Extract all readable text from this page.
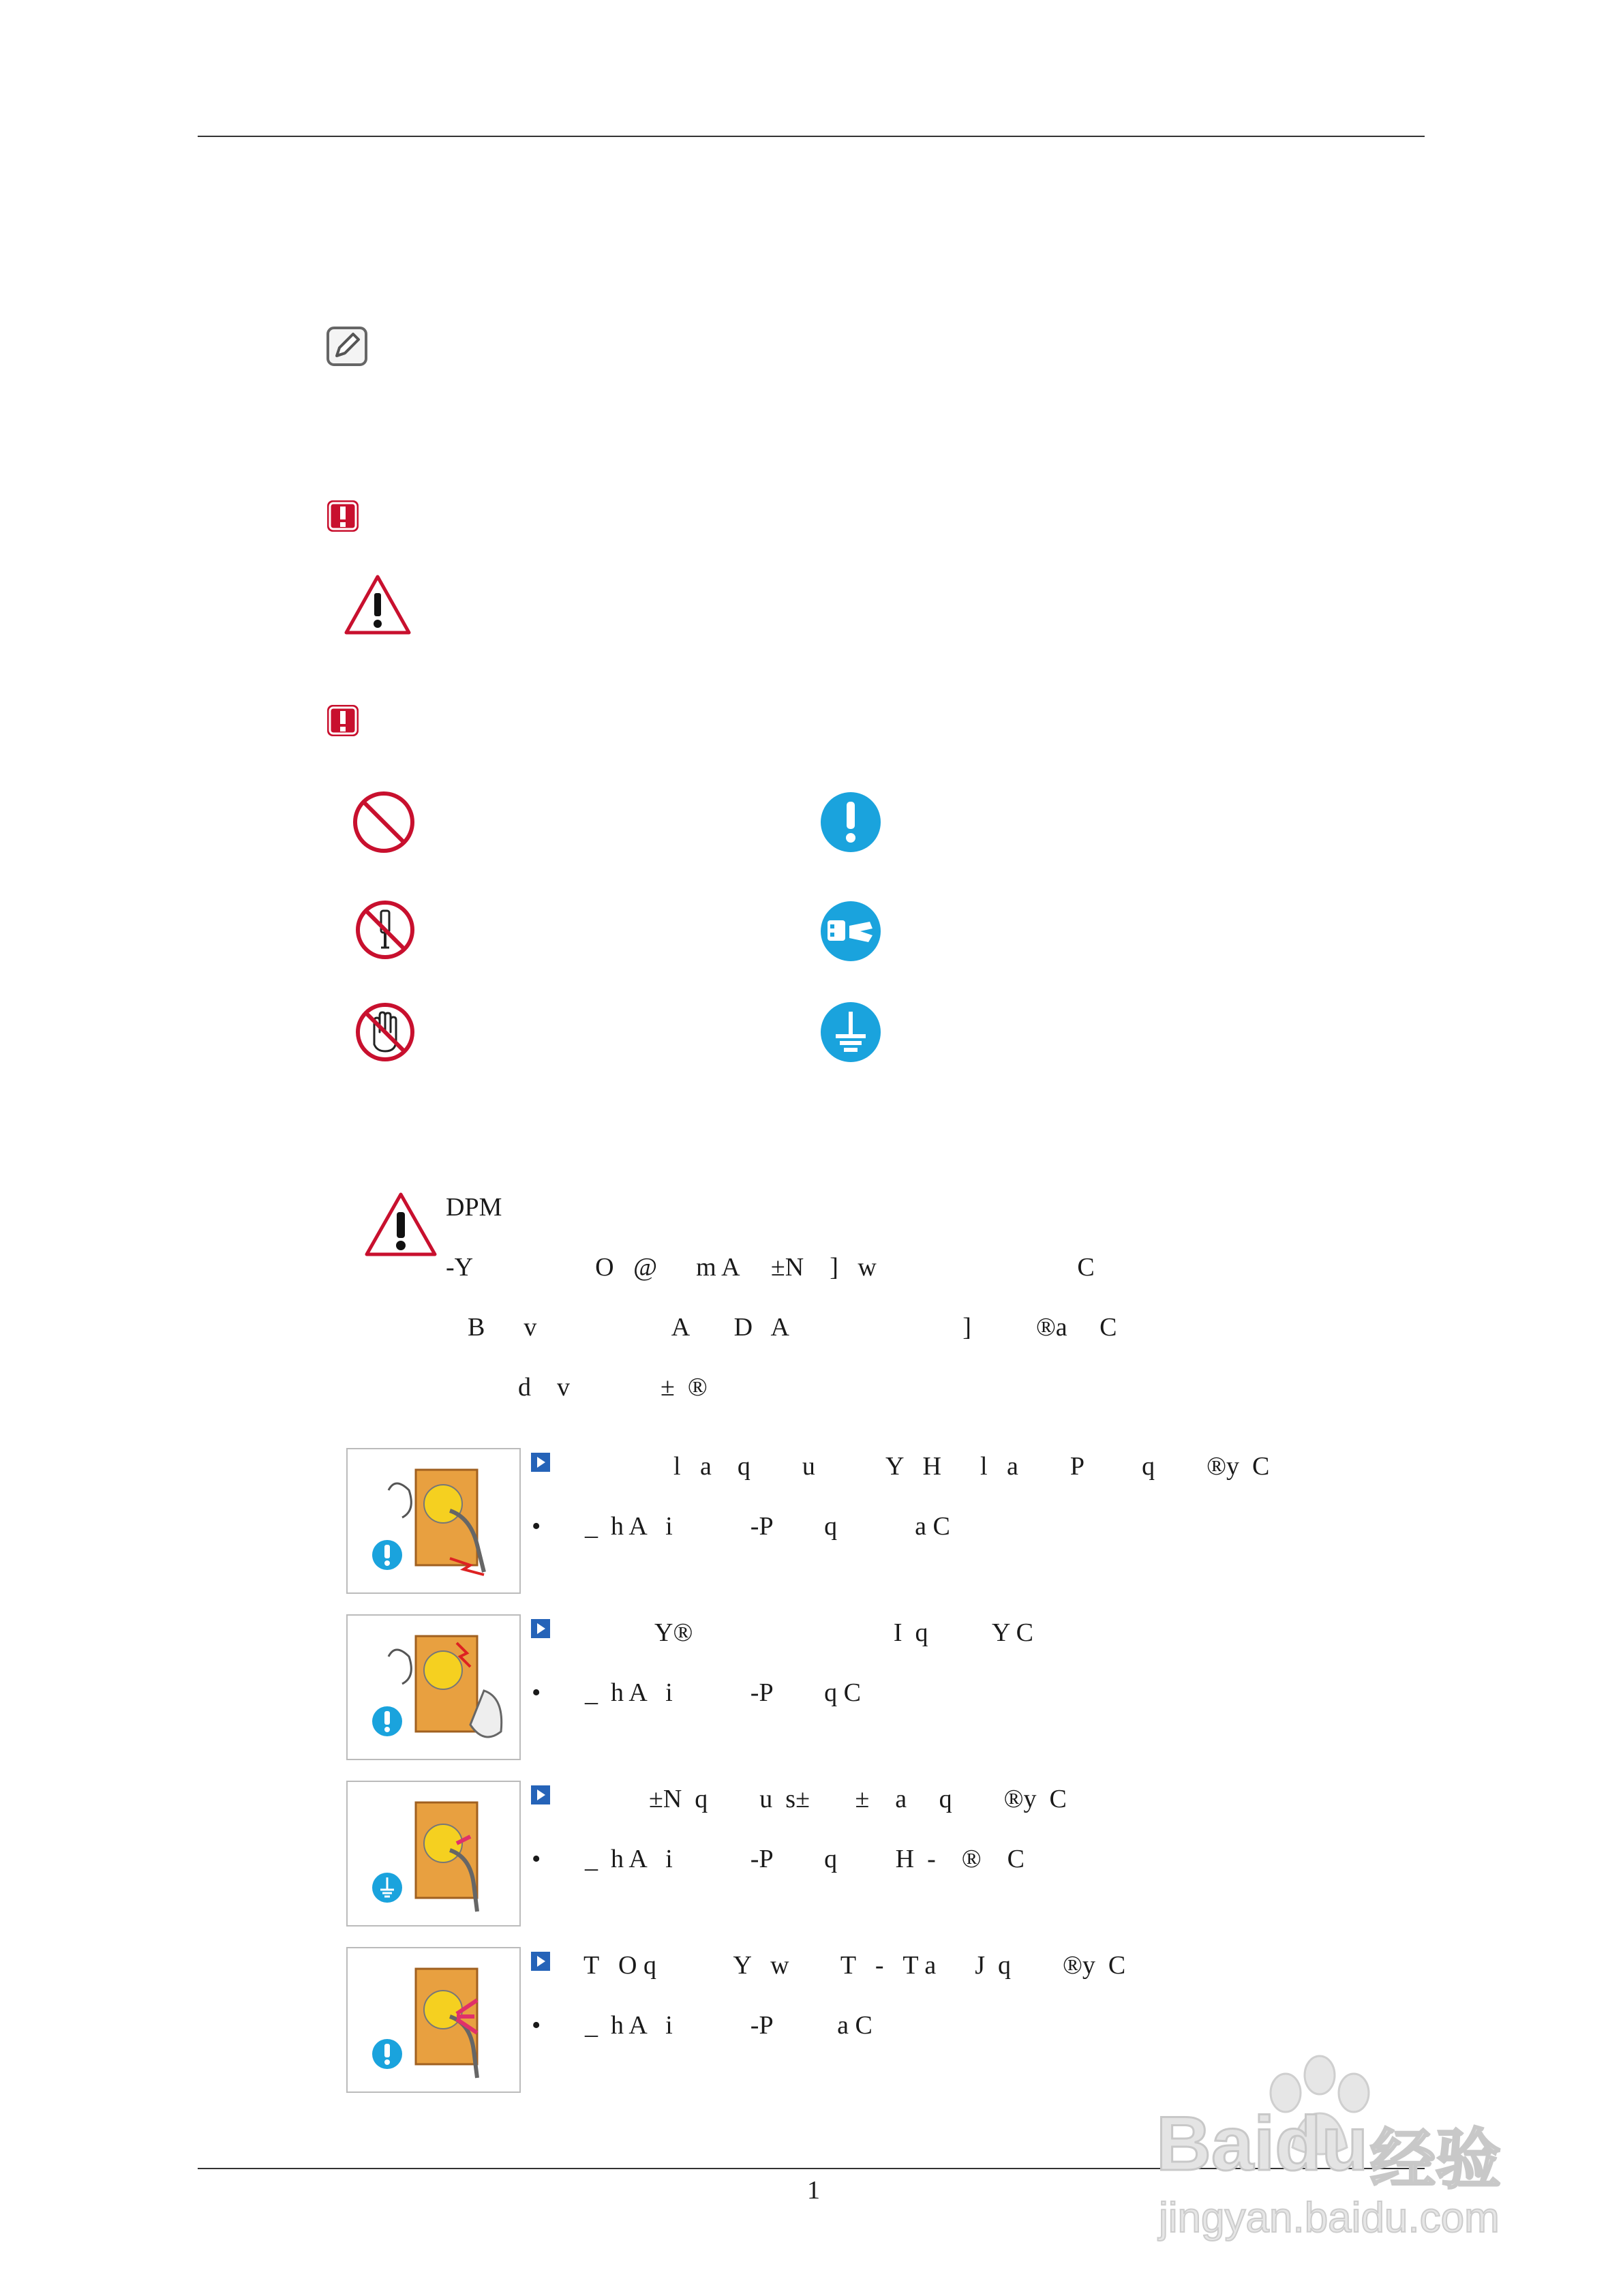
DPM
-Y                   O   @      m A     ±N    ]   w                               C
B      v                     A       D   A                           ]          ®a     C
d    v              ±  ®
l   a    q        u           Y   H      l   a        P         q        ®y  C
• _  h A   i            -P        q            a C
Y®                               I  q          Y C
• _  h A   i            -P        q C
±N  q        u  s±       ±    a     q        ®y  C
• _  h A   i            -P        q         H  -    ®    C
T   O q            Y   w        T   -   T a      J  q        ®y  C
• _  h A   i            -P          a C
1
Baidu 经验
jingyan.baidu.com
